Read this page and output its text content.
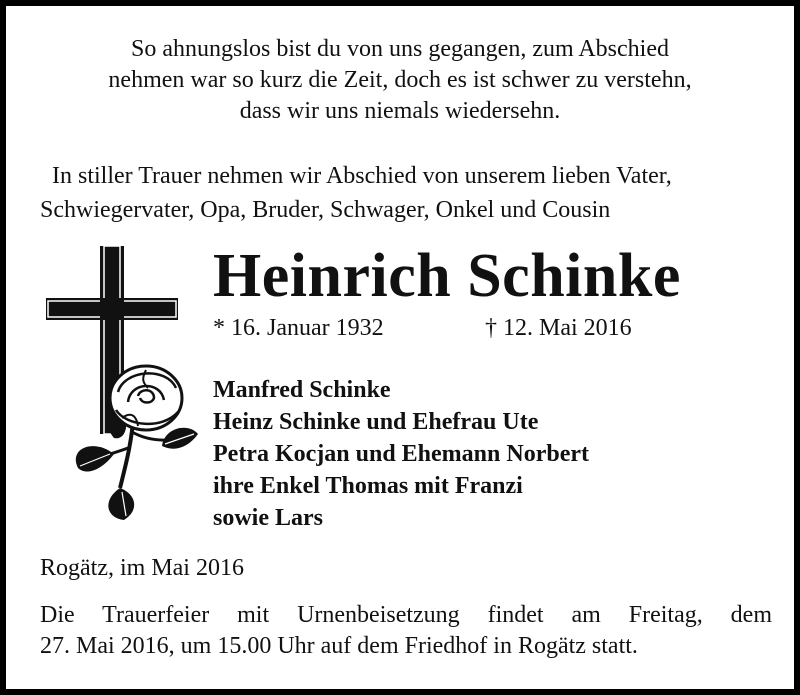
So ahnungslos bist du von uns gegangen, zum Abschied
nehmen war so kurz die Zeit, doch es ist schwer zu verstehn,
dass wir uns niemals wiedersehn.
In stiller Trauer nehmen wir Abschied von unserem lieben Vater,
Schwiegervater, Opa, Bruder, Schwager, Onkel und Cousin
Heinrich Schinke
* 16. Januar 1932	† 12. Mai 2016
Manfred Schinke
Heinz Schinke und Ehefrau Ute
Petra Kocjan und Ehemann Norbert
ihre Enkel Thomas mit Franzi
sowie Lars
Rogätz, im Mai 2016
Die Trauerfeier mit Urnenbeisetzung findet am Freitag, dem
27. Mai 2016, um 15.00 Uhr auf dem Friedhof in Rogätz statt.
